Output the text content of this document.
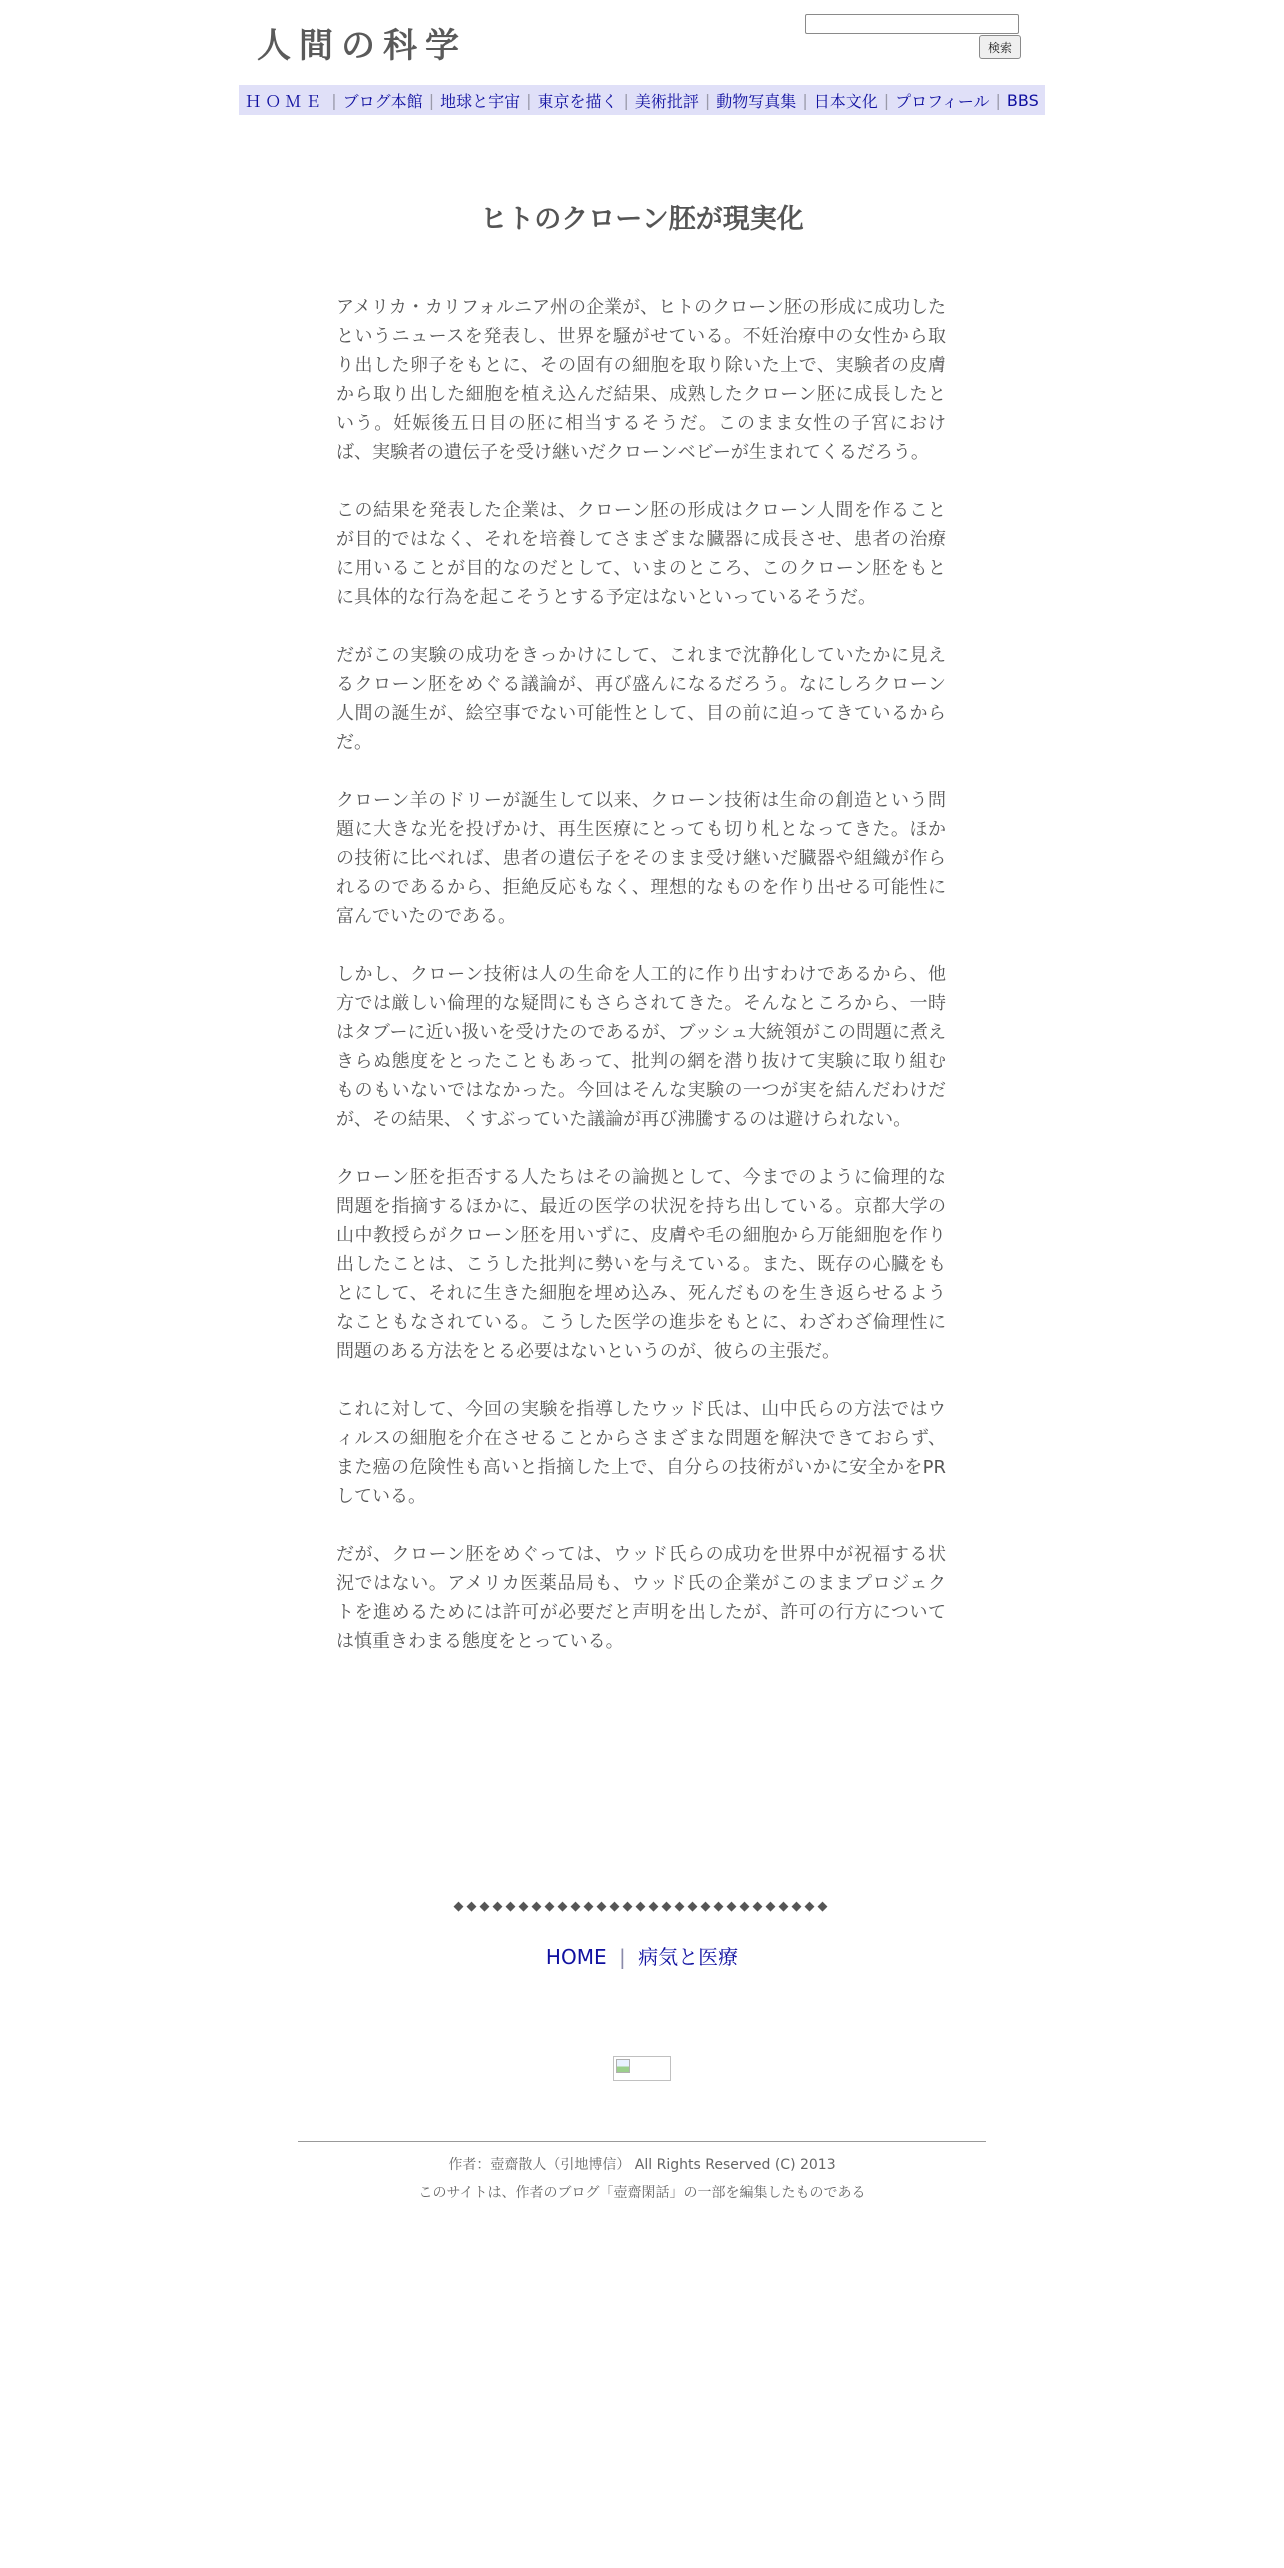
人間の科学	検索
ＨＯＭＥ | ブログ本館 | 地球と宇宙 | 東京を描く | 美術批評 | 動物写真集 | 日本文化 | プロフィール | BBS
ヒトのクローン胚が現実化

アメリカ・カリフォルニア州の企業が、ヒトのクローン胚の形成に成功したというニュースを発表し、世界を騒がせている。不妊治療中の女性から取り出した卵子をもとに、その固有の細胞を取り除いた上で、実験者の皮膚から取り出した細胞を植え込んだ結果、成熟したクローン胚に成長したという。妊娠後五日目の胚に相当するそうだ。このまま女性の子宮におけば、実験者の遺伝子を受け継いだクローンベビーが生まれてくるだろう。

この結果を発表した企業は、クローン胚の形成はクローン人間を作ることが目的ではなく、それを培養してさまざまな臓器に成長させ、患者の治療に用いることが目的なのだとして、いまのところ、このクローン胚をもとに具体的な行為を起こそうとする予定はないといっているそうだ。

だがこの実験の成功をきっかけにして、これまで沈静化していたかに見えるクローン胚をめぐる議論が、再び盛んになるだろう。なにしろクローン人間の誕生が、絵空事でない可能性として、目の前に迫ってきているからだ。

クローン羊のドリーが誕生して以来、クローン技術は生命の創造という問題に大きな光を投げかけ、再生医療にとっても切り札となってきた。ほかの技術に比べれば、患者の遺伝子をそのまま受け継いだ臓器や組織が作られるのであるから、拒絶反応もなく、理想的なものを作り出せる可能性に富んでいたのである。

しかし、クローン技術は人の生命を人工的に作り出すわけであるから、他方では厳しい倫理的な疑問にもさらされてきた。そんなところから、一時はタブーに近い扱いを受けたのであるが、ブッシュ大統領がこの問題に煮えきらぬ態度をとったこともあって、批判の網を潜り抜けて実験に取り組むものもいないではなかった。今回はそんな実験の一つが実を結んだわけだが、その結果、くすぶっていた議論が再び沸騰するのは避けられない。

クローン胚を拒否する人たちはその論拠として、今までのように倫理的な問題を指摘するほかに、最近の医学の状況を持ち出している。京都大学の山中教授らがクローン胚を用いずに、皮膚や毛の細胞から万能細胞を作り出したことは、こうした批判に勢いを与えている。また、既存の心臓をもとにして、それに生きた細胞を埋め込み、死んだものを生き返らせるようなこともなされている。こうした医学の進歩をもとに、わざわざ倫理性に問題のある方法をとる必要はないというのが、彼らの主張だ。

これに対して、今回の実験を指導したウッド氏は、山中氏らの方法ではウィルスの細胞を介在させることからさまざまな問題を解決できておらず、また癌の危険性も高いと指摘した上で、自分らの技術がいかに安全かをPRしている。

だが、クローン胚をめぐっては、ウッド氏らの成功を世界中が祝福する状況ではない。アメリカ医薬品局も、ウッド氏の企業がこのままプロジェクトを進めるためには許可が必要だと声明を出したが、許可の行方については慎重きわまる態度をとっている。

◆◆◆◆◆◆◆◆◆◆◆◆◆◆◆◆◆◆◆◆◆◆◆◆◆◆◆◆◆
HOME | 病気と医療
作者：壺齋散人（引地博信） All Rights Reserved (C) 2013
このサイトは、作者のブログ「壺齋閑話」の一部を編集したものである
